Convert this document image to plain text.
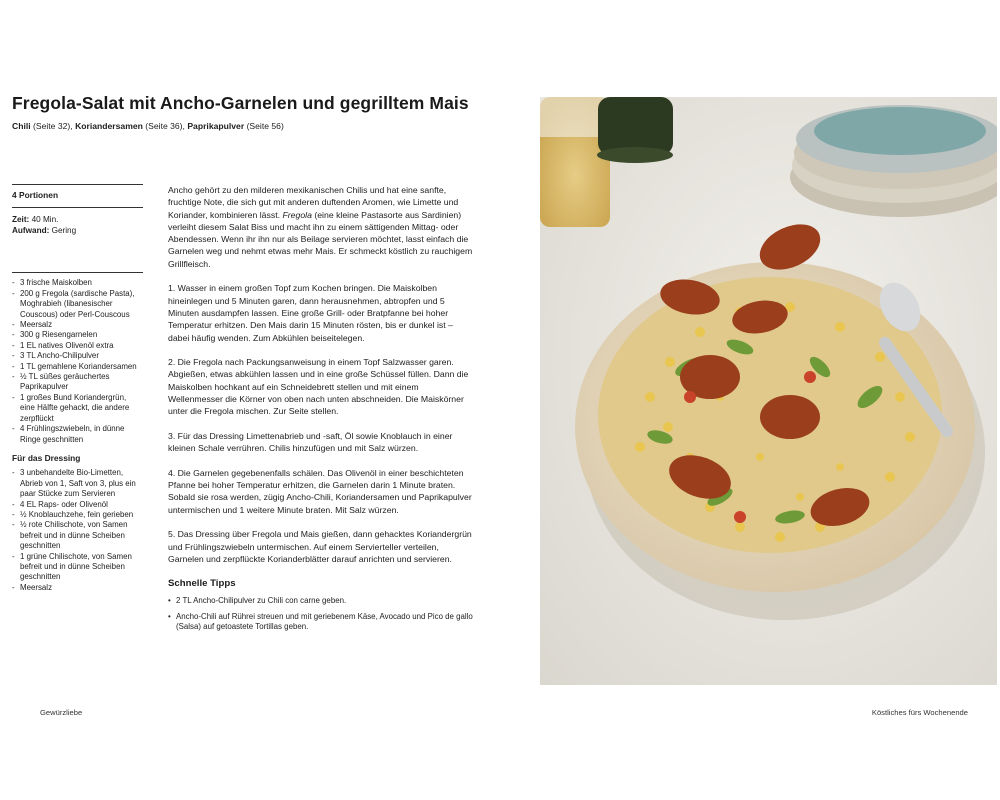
Fregola-Salat mit Ancho-Garnelen und gegrilltem Mais
Chili (Seite 32), Koriandersamen (Seite 36), Paprikapulver (Seite 56)
4 Portionen
Zeit: 40 Min.
Aufwand: Gering
- 3 frische Maiskolben
- 200 g Fregola (sardische Pasta), Moghrabieh (libanesischer Couscous) oder Perl-Couscous
- Meersalz
- 300 g Riesengarnelen
- 1 EL natives Olivenöl extra
- 3 TL Ancho-Chilipulver
- 1 TL gemahlene Koriandersamen
- ½ TL süßes geräuchertes Paprikapulver
- 1 großes Bund Koriandergrün, eine Hälfte gehackt, die andere zerpflückt
- 4 Frühlingszwiebeln, in dünne Ringe geschnitten
Für das Dressing
- 3 unbehandelte Bio-Limetten, Abrieb von 1, Saft von 3, plus ein paar Stücke zum Servieren
- 4 EL Raps- oder Olivenöl
- ½ Knoblauchzehe, fein gerieben
- ½ rote Chilischote, von Samen befreit und in dünne Scheiben geschnitten
- 1 grüne Chilischote, von Samen befreit und in dünne Scheiben geschnitten
- Meersalz

Ancho gehört zu den milderen mexikanischen Chilis und hat eine sanfte, fruchtige Note, die sich gut mit anderen duftenden Aromen, wie Limette und Koriander, kombinieren lässt. Fregola (eine kleine Pastasorte aus Sardinien) verleiht diesem Salat Biss und macht ihn zu einem sättigenden Mittag- oder Abendessen. Wenn ihr ihn nur als Beilage servieren möchtet, lasst einfach die Garnelen weg und nehmt etwas mehr Mais. Er schmeckt köstlich zu rauchigem Grillfleisch.

1. Wasser in einem großen Topf zum Kochen bringen. Die Maiskolben hineinlegen und 5 Minuten garen, dann herausnehmen, abtropfen und 5 Minuten ausdampfen lassen. Eine große Grill- oder Bratpfanne bei hoher Temperatur erhitzen. Den Mais darin 15 Minuten rösten, bis er dunkel ist – dabei häufig wenden. Zum Abkühlen beiseitelegen.

2. Die Fregola nach Packungsanweisung in einem Topf Salzwasser garen. Abgießen, etwas abkühlen lassen und in eine große Schüssel füllen. Dann die Maiskolben hochkant auf ein Schneidebrett stellen und mit einem Wellenmesser die Körner von oben nach unten abschneiden. Die Maiskörner unter die Fregola mischen. Zur Seite stellen.

3. Für das Dressing Limettenabrieb und -saft, Öl sowie Knoblauch in einer kleinen Schale verrühren. Chilis hinzufügen und mit Salz würzen.

4. Die Garnelen gegebenenfalls schälen. Das Olivenöl in einer beschichteten Pfanne bei hoher Temperatur erhitzen, die Garnelen darin 1 Minute braten. Sobald sie rosa werden, zügig Ancho-Chili, Koriandersamen und Paprikapulver untermischen und 1 weitere Minute braten. Mit Salz würzen.

5. Das Dressing über Fregola und Mais gießen, dann gehacktes Koriandergrün und Frühlingszwiebeln untermischen. Auf einem Servierteller verteilen, Garnelen und zerpflückte Korianderblätter darauf anrichten und servieren.

Schnelle Tipps
• 2 TL Ancho-Chilipulver zu Chili con carne geben.
• Ancho-Chili auf Rührei streuen und mit geriebenem Käse, Avocado und Pico de gallo (Salsa) auf getoastete Tortillas geben.
Gewürzliebe	Köstliches fürs Wochenende
